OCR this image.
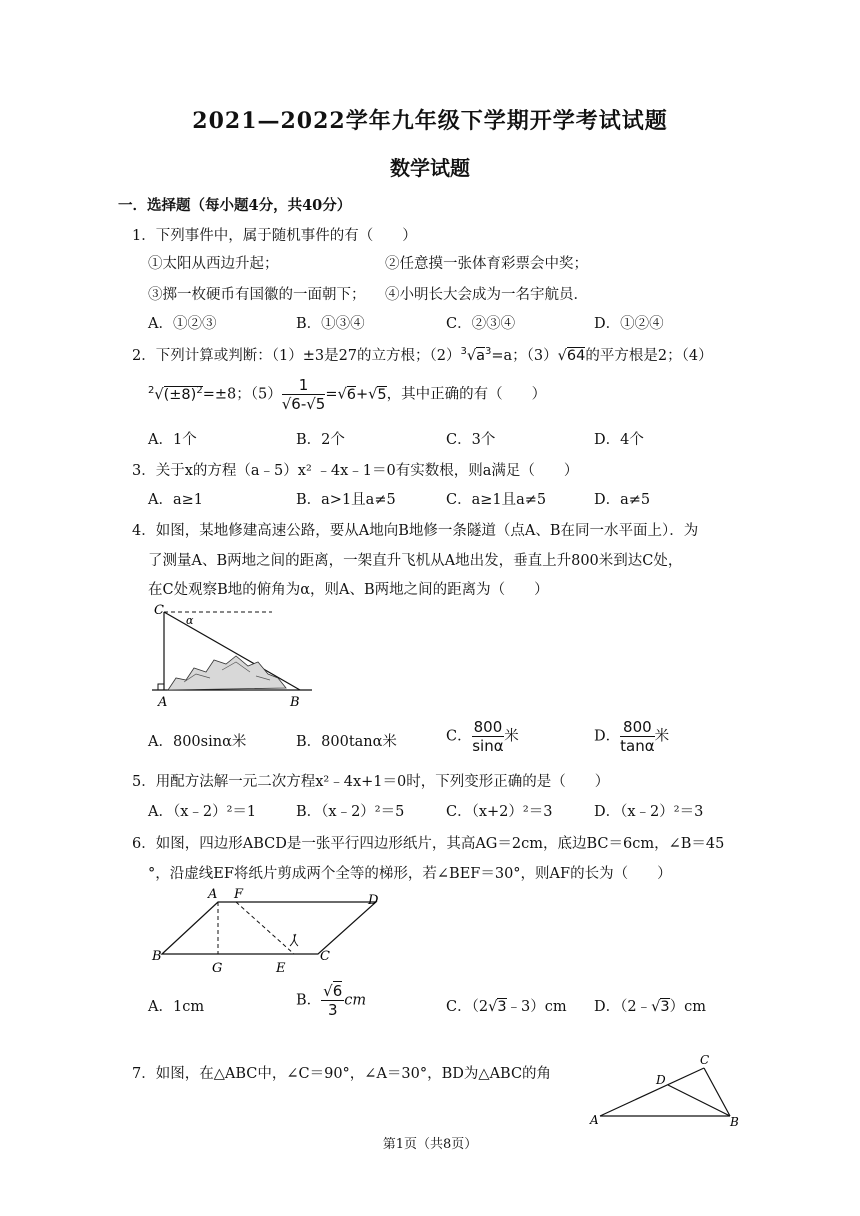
2021—2022学年九年级下学期开学考试试题
数学试题
一．选择题（每小题4分，共40分）
1．下列事件中，属于随机事件的有（　　）
①太阳从西边升起；	②任意摸一张体育彩票会中奖；
③掷一枚硬币有国徽的一面朝下； ④小明长大会成为一名宇航员．
A．①②③	B．①③④	C．②③④	D．①②④
2．下列计算或判断：（1）±3是27的立方根；$(2)^3√a^3=a$；（3）√64的平方根是2；（4）
$^2√(\pm 8)^2=\pm 8$；$(5) \frac{1}{√6-√5} =√6+√5$，其中正确的有（　　）
A．1个	B．2个	C．3个	D．4个
3．关于x的方程（a﹣5）x² ﹣4x﹣1＝0有实数根，则a满足（　　）
A．a≥1	B．a>1且a≠5	C．a≥1且a≠5	D．a≠5
4．如图，某地修建高速公路，要从A地向B地修一条隧道（点A、B在同一水平面上）．为
了测量A、B两地之间的距离，一架直升飞机从A地出发，垂直上升800米到达C处，
在C处观察B地的俯角为α，则A、B两地之间的距离为（　　）
C
α
A	B
A．800sinα米	B．800tanα米	C． $\frac{800}{\sin\alpha}$ 米	D． $\frac{800}{\tan\alpha}$ 米
5．用配方法解一元二次方程x²﹣4x+1＝0时，下列变形正确的是（　　）
A．（x﹣2）²＝1	B．（x﹣2）²＝5	C．（x+2）²＝3	D．（x﹣2）²＝3
6．如图，四边形ABCD是一张平行四边形纸片，其高AG＝2cm，底边BC＝6cm，∠B＝45
°，沿虚线EF将纸片剪成两个全等的梯形，若∠BEF＝30°，则AF的长为（　　）
A F	D
B
G	E
C
A．1cm	B． $\frac{√6}{3}$ cm	C．（2√3﹣3）cm D．（2﹣√3）cm
7．如图，在△ABC中，∠C＝90°，∠A＝30°，BD为△ABC的角
C
D
A	B
第1页（共8页）
